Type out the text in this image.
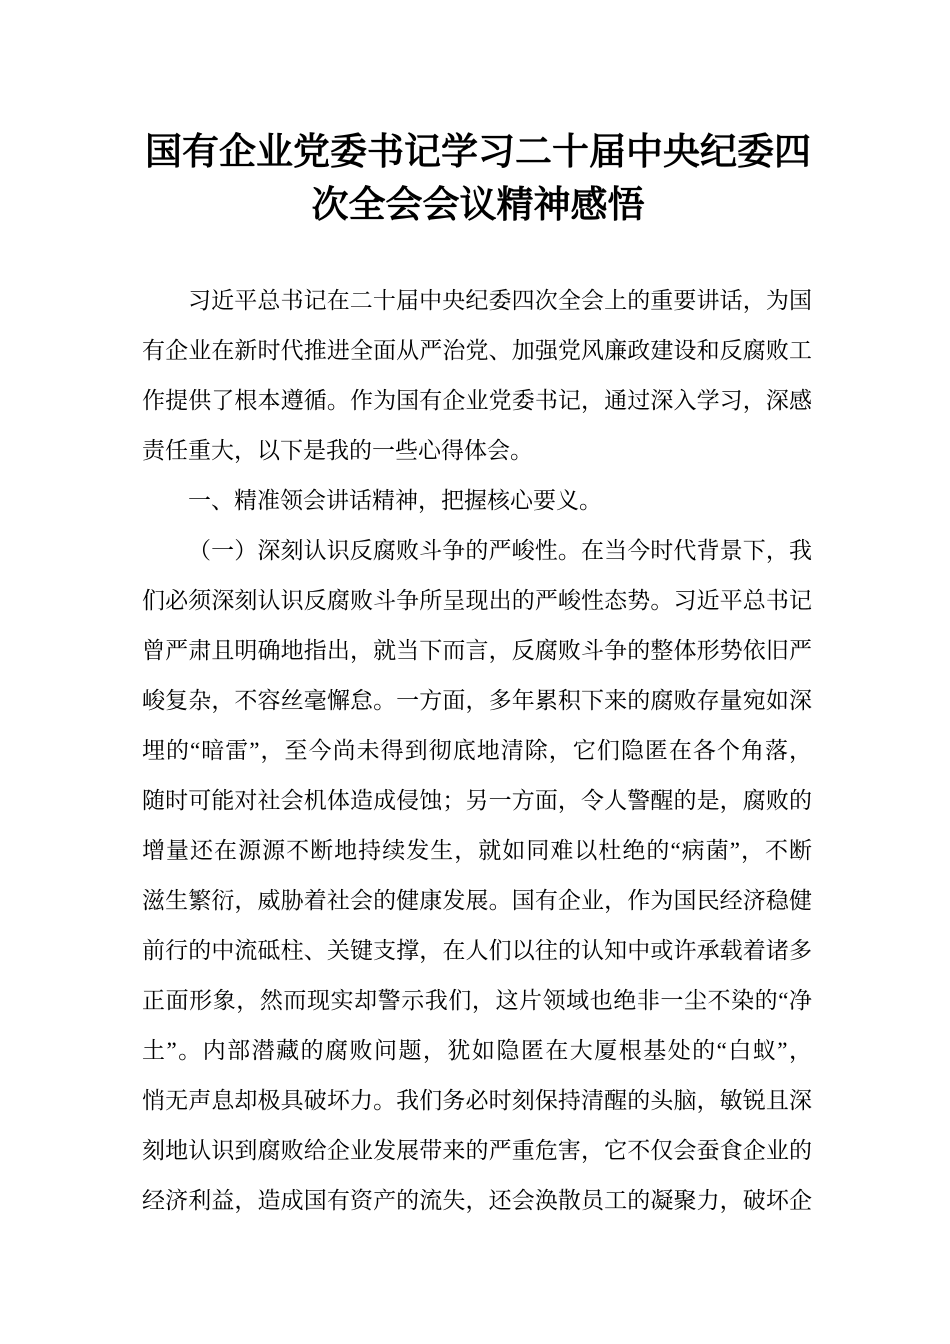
国有企业党委书记学习二十届中央纪委四
次全会会议精神感悟
习近平总书记在二十届中央纪委四次全会上的重要讲话，为国
有企业在新时代推进全面从严治党、加强党风廉政建设和反腐败工
作提供了根本遵循。作为国有企业党委书记，通过深入学习，深感
责任重大，以下是我的一些心得体会。
一、精准领会讲话精神，把握核心要义。
（一）深刻认识反腐败斗争的严峻性。在当今时代背景下，我
们必须深刻认识反腐败斗争所呈现出的严峻性态势。习近平总书记
曾严肃且明确地指出，就当下而言，反腐败斗争的整体形势依旧严
峻复杂，不容丝毫懈怠。一方面，多年累积下来的腐败存量宛如深
埋的“暗雷”，至今尚未得到彻底地清除，它们隐匿在各个角落，
随时可能对社会机体造成侵蚀；另一方面，令人警醒的是，腐败的
增量还在源源不断地持续发生，就如同难以杜绝的“病菌”，不断
滋生繁衍，威胁着社会的健康发展。国有企业，作为国民经济稳健
前行的中流砥柱、关键支撑，在人们以往的认知中或许承载着诸多
正面形象，然而现实却警示我们，这片领域也绝非一尘不染的“净
土”。内部潜藏的腐败问题，犹如隐匿在大厦根基处的“白蚁”，
悄无声息却极具破坏力。我们务必时刻保持清醒的头脑，敏锐且深
刻地认识到腐败给企业发展带来的严重危害，它不仅会蚕食企业的
经济利益，造成国有资产的流失，还会涣散员工的凝聚力，破坏企
